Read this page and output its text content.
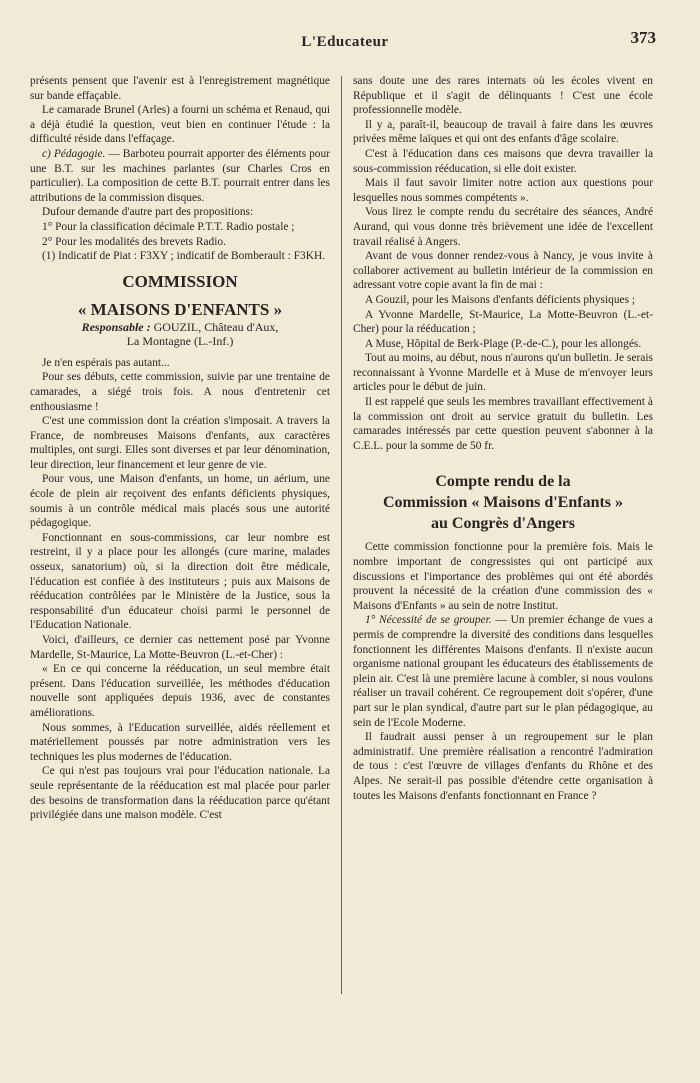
L'Educateur	373

présents pensent que l'avenir est à l'enregistrement magnétique sur bande effaçable.

Le camarade Brunel (Arles) a fourni un schéma et Renaud, qui a déjà étudié la question, veut bien en continuer l'étude : la difficulté réside dans l'effaçage.

c) Pédagogie. — Barboteu pourrait apporter des éléments pour une B.T. sur les machines parlantes (sur Charles Cros en particulier). La composition de cette B.T. pourrait entrer dans les attributions de la commission disques.

Dufour demande d'autre part des propositions:

1° Pour la classification décimale P.T.T. Radio postale ;

2° Pour les modalités des brevets Radio.

(1) Indicatif de Piat : F3XY ; indicatif de Bomberault : F3KH.

COMMISSION
« MAISONS D'ENFANTS »
Responsable : GOUZIL, Château d'Aux,
La Montagne (L.-Inf.)

Je n'en espérais pas autant...

Pour ses débuts, cette commission, suivie par une trentaine de camarades, a siégé trois fois. A nous d'entretenir cet enthousiasme !

C'est une commission dont la création s'imposait. A travers la France, de nombreuses Maisons d'enfants, aux caractères multiples, ont surgi. Elles sont diverses et par leur dénomination, leur direction, leur financement et leur genre de vie.

Pour vous, une Maison d'enfants, un home, un aérium, une école de plein air reçoivent des enfants déficients physiques, soumis à un contrôle médical mais placés sous une autorité pédagogique.

Fonctionnant en sous-commissions, car leur nombre est restreint, il y a place pour les allongés (cure marine, malades osseux, sanatorium) où, si la direction doit être médicale, l'éducation est confiée à des instituteurs ; puis aux Maisons de rééducation contrôlées par le Ministère de la Justice, sous la responsabilité d'un éducateur choisi parmi le personnel de l'Education Nationale.

Voici, d'ailleurs, ce dernier cas nettement posé par Yvonne Mardelle, St-Maurice, La Motte-Beuvron (L.-et-Cher) :

« En ce qui concerne la rééducation, un seul membre était présent. Dans l'éducation surveillée, les méthodes d'éducation nouvelle sont appliquées depuis 1936, avec de constantes améliorations.

Nous sommes, à l'Education surveillée, aidés réellement et matériellement poussés par notre administration vers les techniques les plus modernes de l'éducation.

Ce qui n'est pas toujours vrai pour l'éducation nationale. La seule représentante de la rééducation est mal placée pour parler des besoins de transformation dans la rééducation parce qu'étant privilégiée dans une maison modèle. C'est

sans doute une des rares internats où les écoles vivent en République et il s'agit de délinquants ! C'est une école professionnelle modèle.

Il y a, paraît-il, beaucoup de travail à faire dans les œuvres privées même laïques et qui ont des enfants d'âge scolaire.

C'est à l'éducation dans ces maisons que devra travailler la sous-commission rééducation, si elle doit exister.

Mais il faut savoir limiter notre action aux questions pour lesquelles nous sommes compétents ».

Vous lirez le compte rendu du secrétaire des séances, André Aurand, qui vous donne très brièvement une idée de l'excellent travail réalisé à Angers.

Avant de vous donner rendez-vous à Nancy, je vous invite à collaborer activement au bulletin intérieur de la commission en adressant votre copie avant la fin de mai :

A Gouzil, pour les Maisons d'enfants déficients physiques ;

A Yvonne Mardelle, St-Maurice, La Motte-Beuvron (L.-et-Cher) pour la rééducation ;

A Muse, Hôpital de Berk-Plage (P.-de-C.), pour les allongés.

Tout au moins, au début, nous n'aurons qu'un bulletin. Je serais reconnaissant à Yvonne Mardelle et à Muse de m'envoyer leurs articles pour le début de juin.

Il est rappelé que seuls les membres travaillant effectivement à la commission ont droit au service gratuit du bulletin. Les camarades intéressés par cette question peuvent s'abonner à la C.E.L. pour la somme de 50 fr.

Compte rendu de la
Commission « Maisons d'Enfants »
au Congrès d'Angers

Cette commission fonctionne pour la première fois. Mais le nombre important de congressistes qui ont participé aux discussions et l'importance des problèmes qui ont été abordés prouvent la nécessité de la création d'une commission des « Maisons d'Enfants » au sein de notre Institut.

1° Nécessité de se grouper. — Un premier échange de vues a permis de comprendre la diversité des conditions dans lesquelles fonctionnent les différentes Maisons d'enfants. Il n'existe aucun organisme national groupant les éducateurs des établissements de plein air. C'est là une première lacune à combler, si nous voulons réaliser un travail cohérent. Ce regroupement doit s'opérer, d'une part sur le plan syndical, d'autre part sur le plan pédagogique, au sein de l'Ecole Moderne.

Il faudrait aussi penser à un regroupement sur le plan administratif. Une première réalisation a rencontré l'admiration de tous : c'est l'œuvre de villages d'enfants du Rhône et des Alpes. Ne serait-il pas possible d'étendre cette organisation à toutes les Maisons d'enfants fonctionnant en France ?
